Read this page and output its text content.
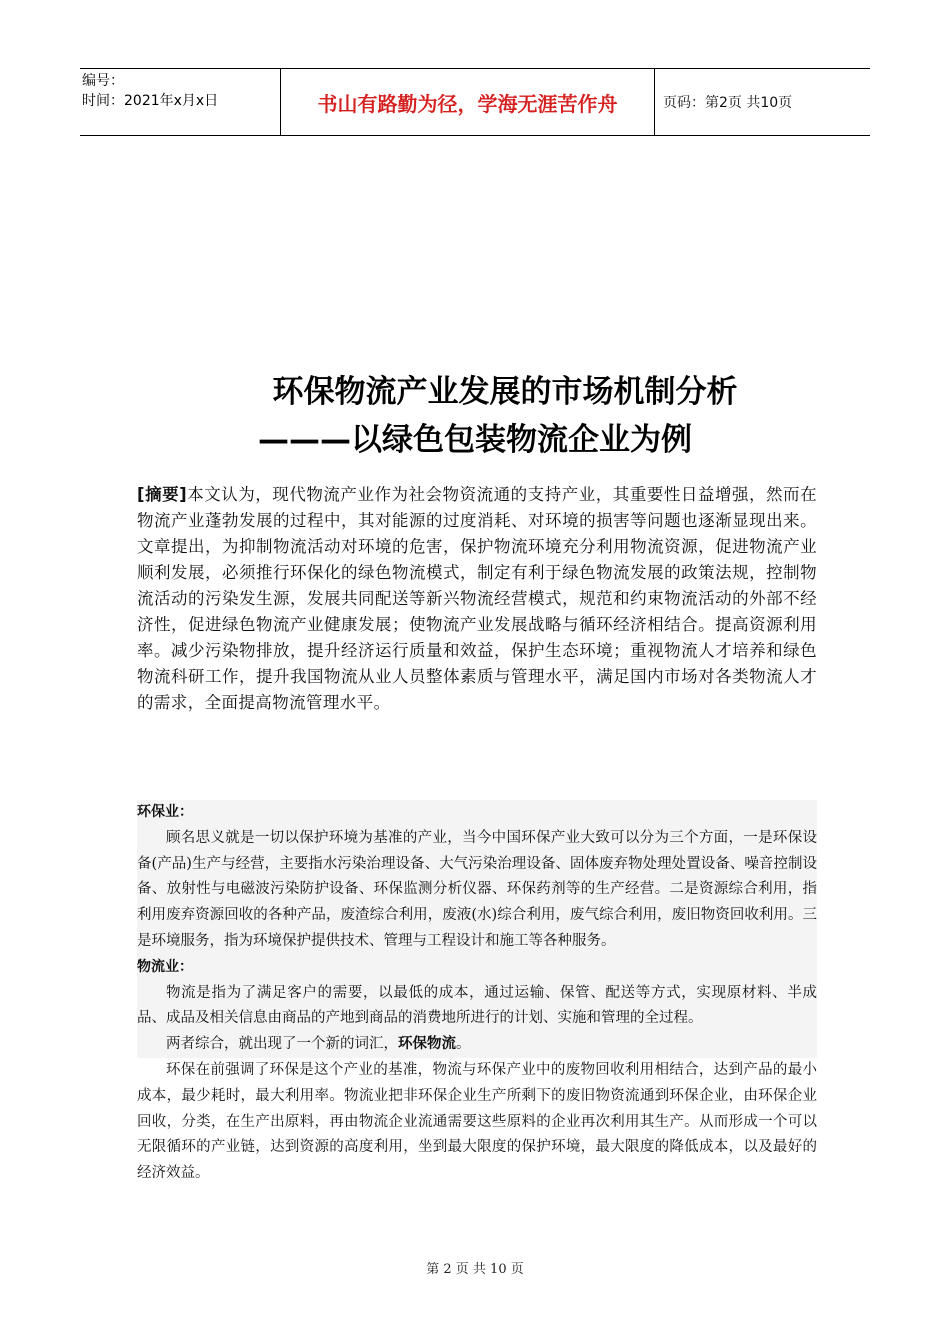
编号：
时间：2021年x月x日	书山有路勤为径，学海无涯苦作舟	页码：第2页 共10页
环保物流产业发展的市场机制分析
———以绿色包装物流企业为例
[摘要]本文认为，现代物流产业作为社会物资流通的支持产业，其重要性日益增强，然而在物流产业蓬勃发展的过程中，其对能源的过度消耗、对环境的损害等问题也逐渐显现出来。文章提出，为抑制物流活动对环境的危害，保护物流环境充分利用物流资源，促进物流产业顺利发展，必须推行环保化的绿色物流模式，制定有利于绿色物流发展的政策法规，控制物流活动的污染发生源，发展共同配送等新兴物流经营模式，规范和约束物流活动的外部不经济性，促进绿色物流产业健康发展；使物流产业发展战略与循环经济相结合。提高资源利用率。减少污染物排放，提升经济运行质量和效益，保护生态环境；重视物流人才培养和绿色物流科研工作，提升我国物流从业人员整体素质与管理水平，满足国内市场对各类物流人才的需求，全面提高物流管理水平。

环保业：

顾名思义就是一切以保护环境为基准的产业，当今中国环保产业大致可以分为三个方面，一是环保设备(产品)生产与经营，主要指水污染治理设备、大气污染治理设备、固体废弃物处理处置设备、噪音控制设备、放射性与电磁波污染防护设备、环保监测分析仪器、环保药剂等的生产经营。二是资源综合利用，指利用废弃资源回收的各种产品，废渣综合利用，废液(水)综合利用，废气综合利用，废旧物资回收利用。三是环境服务，指为环境保护提供技术、管理与工程设计和施工等各种服务。

物流业：

物流是指为了满足客户的需要，以最低的成本，通过运输、保管、配送等方式，实现原材料、半成品、成品及相关信息由商品的产地到商品的消费地所进行的计划、实施和管理的全过程。

两者综合，就出现了一个新的词汇，环保物流。

环保在前强调了环保是这个产业的基准，物流与环保产业中的废物回收利用相结合，达到产品的最小成本，最少耗时，最大利用率。物流业把非环保企业生产所剩下的废旧物资流通到环保企业，由环保企业回收，分类，在生产出原料，再由物流企业流通需要这些原料的企业再次利用其生产。从而形成一个可以无限循环的产业链，达到资源的高度利用，坐到最大限度的保护环境，最大限度的降低成本，以及最好的经济效益。

第 2 页 共 10 页
